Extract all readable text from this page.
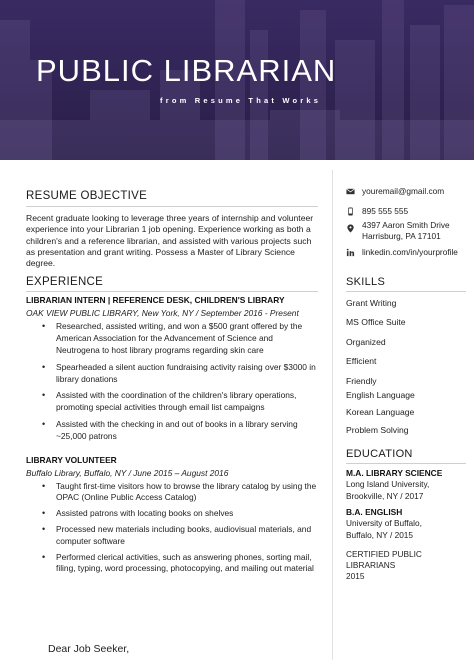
PUBLIC LIBRARIAN
from Resume That Works
RESUME OBJECTIVE
Recent graduate looking to leverage three years of internship and volunteer experience into your Librarian 1 job opening. Experience working as both a children's and a reference librarian, and assisted with various projects such as presentation and grant writing. Possess a Master of Library Science degree.
EXPERIENCE
LIBRARIAN INTERN | REFERENCE DESK, CHILDREN'S LIBRARY
OAK VIEW PUBLIC LIBRARY, New York, NY / September 2016 - Present
• Researched, assisted writing, and won a $500 grant offered by the American Association for the Advancement of Science and Neutrogena to host library programs regarding skin care
• Spearheaded a silent auction fundraising activity raising over $3000 in library donations
• Assisted with the coordination of the children's library operations, promoting special activities through email list campaigns
• Assisted with the checking in and out of books in a library serving ~25,000 patrons
LIBRARY VOLUNTEER
Buffalo Library, Buffalo, NY / June 2015 – August 2016
• Taught first-time visitors how to browse the library catalog by using the OPAC (Online Public Access Catalog)
• Assisted patrons with locating books on shelves
• Processed new materials including books, audiovisual materials, and computer software
• Performed clerical activities, such as answering phones, sorting mail, filing, typing, word processing, photocopying, and mailing out material
Dear Job Seeker,
youremail@gmail.com
895 555 555
4397 Aaron Smith Drive
Harrisburg, PA 17101
linkedin.com/in/yourprofile
SKILLS
Grant Writing
MS Office Suite
Organized
Efficient
Friendly
English Language
Korean Language
Problem Solving
EDUCATION
M.A. LIBRARY SCIENCE
Long Island University,
Brookville, NY / 2017
B.A. ENGLISH
University of Buffalo,
Buffalo, NY / 2015
CERTIFIED PUBLIC
LIBRARIANS
2015
